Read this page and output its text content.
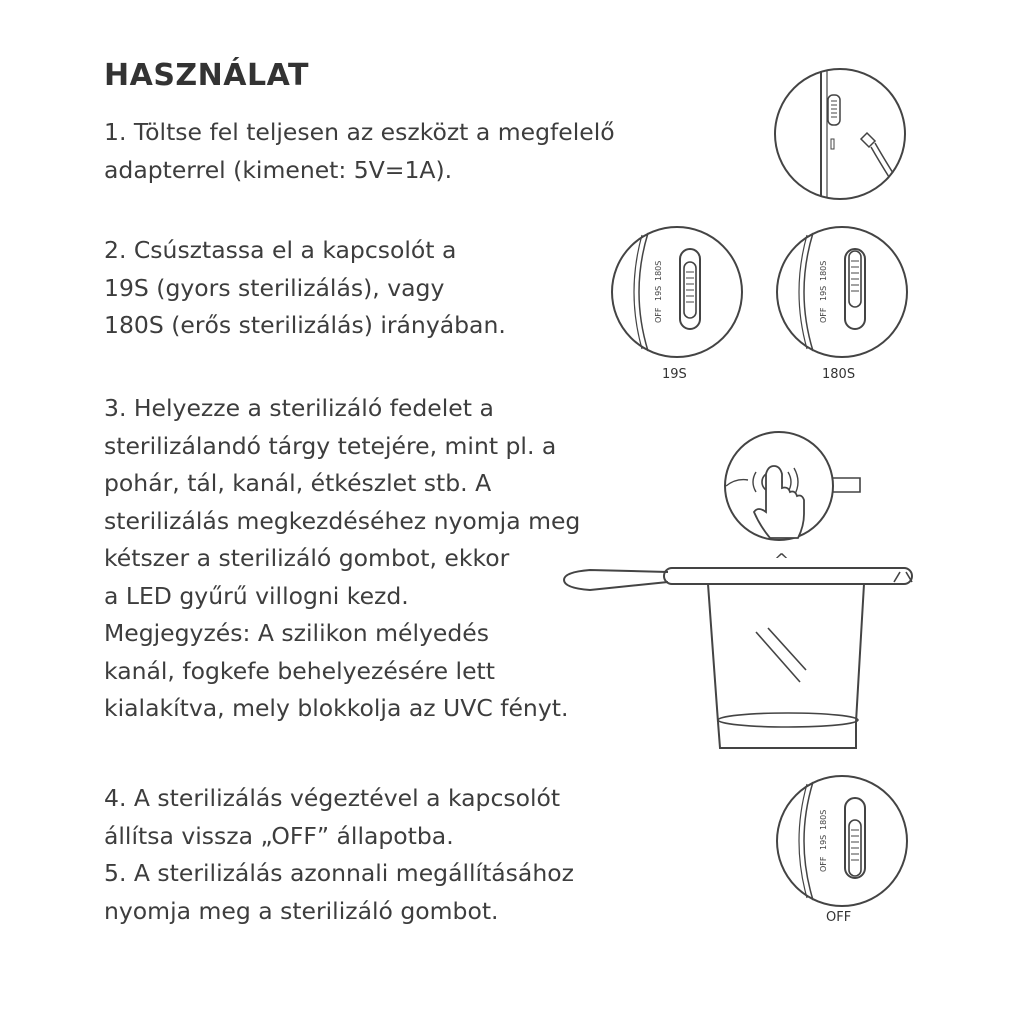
HASZNÁLAT
1. Töltse fel teljesen az eszközt a megfelelő
adapterrel (kimenet: 5V=1A).
2. Csúsztassa el a kapcsolót a
19S (gyors sterilizálás), vagy
180S (erős sterilizálás) irányában.
3. Helyezze a sterilizáló fedelet a
sterilizálandó tárgy tetejére, mint pl. a
pohár, tál, kanál, étkészlet stb. A
sterilizálás megkezdéséhez nyomja meg
kétszer a sterilizáló gombot, ekkor
a LED gyűrű villogni kezd.
Megjegyzés: A szilikon mélyedés
kanál, fogkefe behelyezésére lett
kialakítva, mely blokkolja az UVC fényt.
4. A sterilizálás végeztével a kapcsolót
állítsa vissza „OFF” állapotba.
5. A sterilizálás azonnali megállításához
nyomja meg a sterilizáló gombot.
OFF
19S
180S
19S
OFF
19S
180S
180S
^
OFF
19S
180S
OFF
